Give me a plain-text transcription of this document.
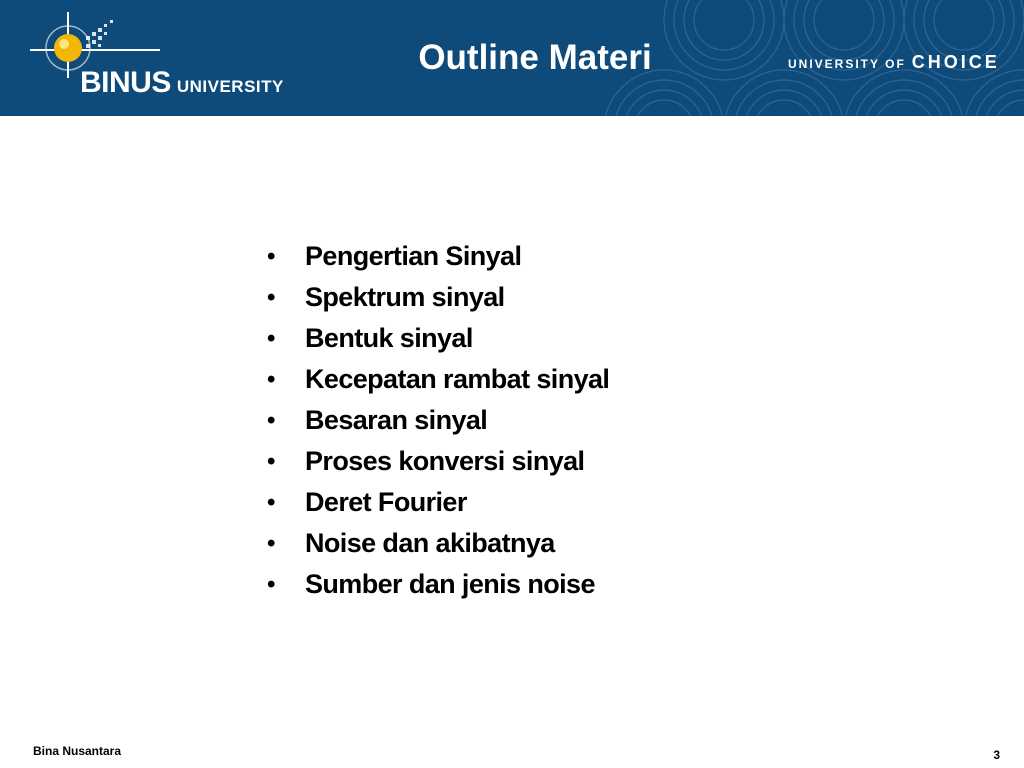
BINUS UNIVERSITY
Outline Materi	UNIVERSITY OF CHOICE
• Pengertian Sinyal
• Spektrum sinyal
• Bentuk sinyal
• Kecepatan rambat sinyal
• Besaran sinyal
• Proses konversi sinyal
• Deret Fourier
• Noise dan akibatnya
• Sumber dan jenis noise
Bina Nusantara	3
